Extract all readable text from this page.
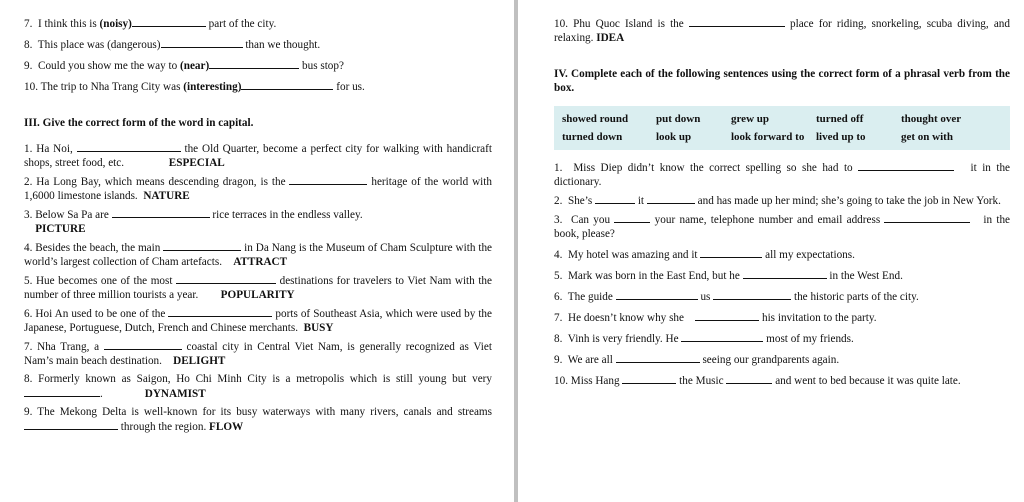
7. I think this is (noisy)	part of the city.

8. This place was (dangerous)	than we thought.

9. Could you show me the way to (near)	bus stop?

10. The trip to Nha Trang City was (interesting)	for us.

III. Give the correct form of the word in capital.

1. Ha Noi,	the Old Quarter, become a perfect city for walking with handicraft shops, street food, etc.	ESPECIAL

2. Ha Long Bay, which means descending dragon, is the	heritage of the world with 1,6000 limestone islands. NATURE

3. Below Sa Pa are	rice terraces in the endless valley.
PICTURE

4. Besides the beach, the main	in Da Nang is the Museum of Cham Sculpture with the world’s largest collection of Cham artefacts. ATTRACT

5. Hue becomes one of the most	destinations for travelers to Viet Nam with the number of three million tourists a year. POPULARITY

6. Hoi An used to be one of the	ports of Southeast Asia, which were used by the Japanese, Portuguese, Dutch, French and Chinese merchants. BUSY

7. Nha Trang, a	coastal city in Central Viet Nam, is generally recognized as Viet Nam’s main beach destination. DELIGHT

8. Formerly known as Saigon, Ho Chi Minh City is a metropolis which is still young but very .	DYNAMIST

9. The Mekong Delta is well-known for its busy waterways with many rivers, canals and streams  through the region. FLOW

10. Phu Quoc Island is the	place for riding, snorkeling, scuba diving, and relaxing. IDEA

IV. Complete each of the following sentences using the correct form of a phrasal verb from the box.

showed round	put down	grew up	turned off	thought over
turned down	look up	look forward to	lived up to	get on with

1. Miss Diep didn’t know the correct spelling so she had to	it in the dictionary.

2. She’s	it	and has made up her mind; she’s going to take the job in New York.

3. Can you	your name, telephone number and email address	in the book, please?

4. My hotel was amazing and it	all my expectations.

5. Mark was born in the East End, but he	in the West End.

6. The guide	us	the historic parts of the city.

7. He doesn’t know why she	his invitation to the party.

8. Vinh is very friendly. He	most of my friends.

9. We are all	seeing our grandparents again.

10. Miss Hang	the Music	and went to bed because it was quite late.
